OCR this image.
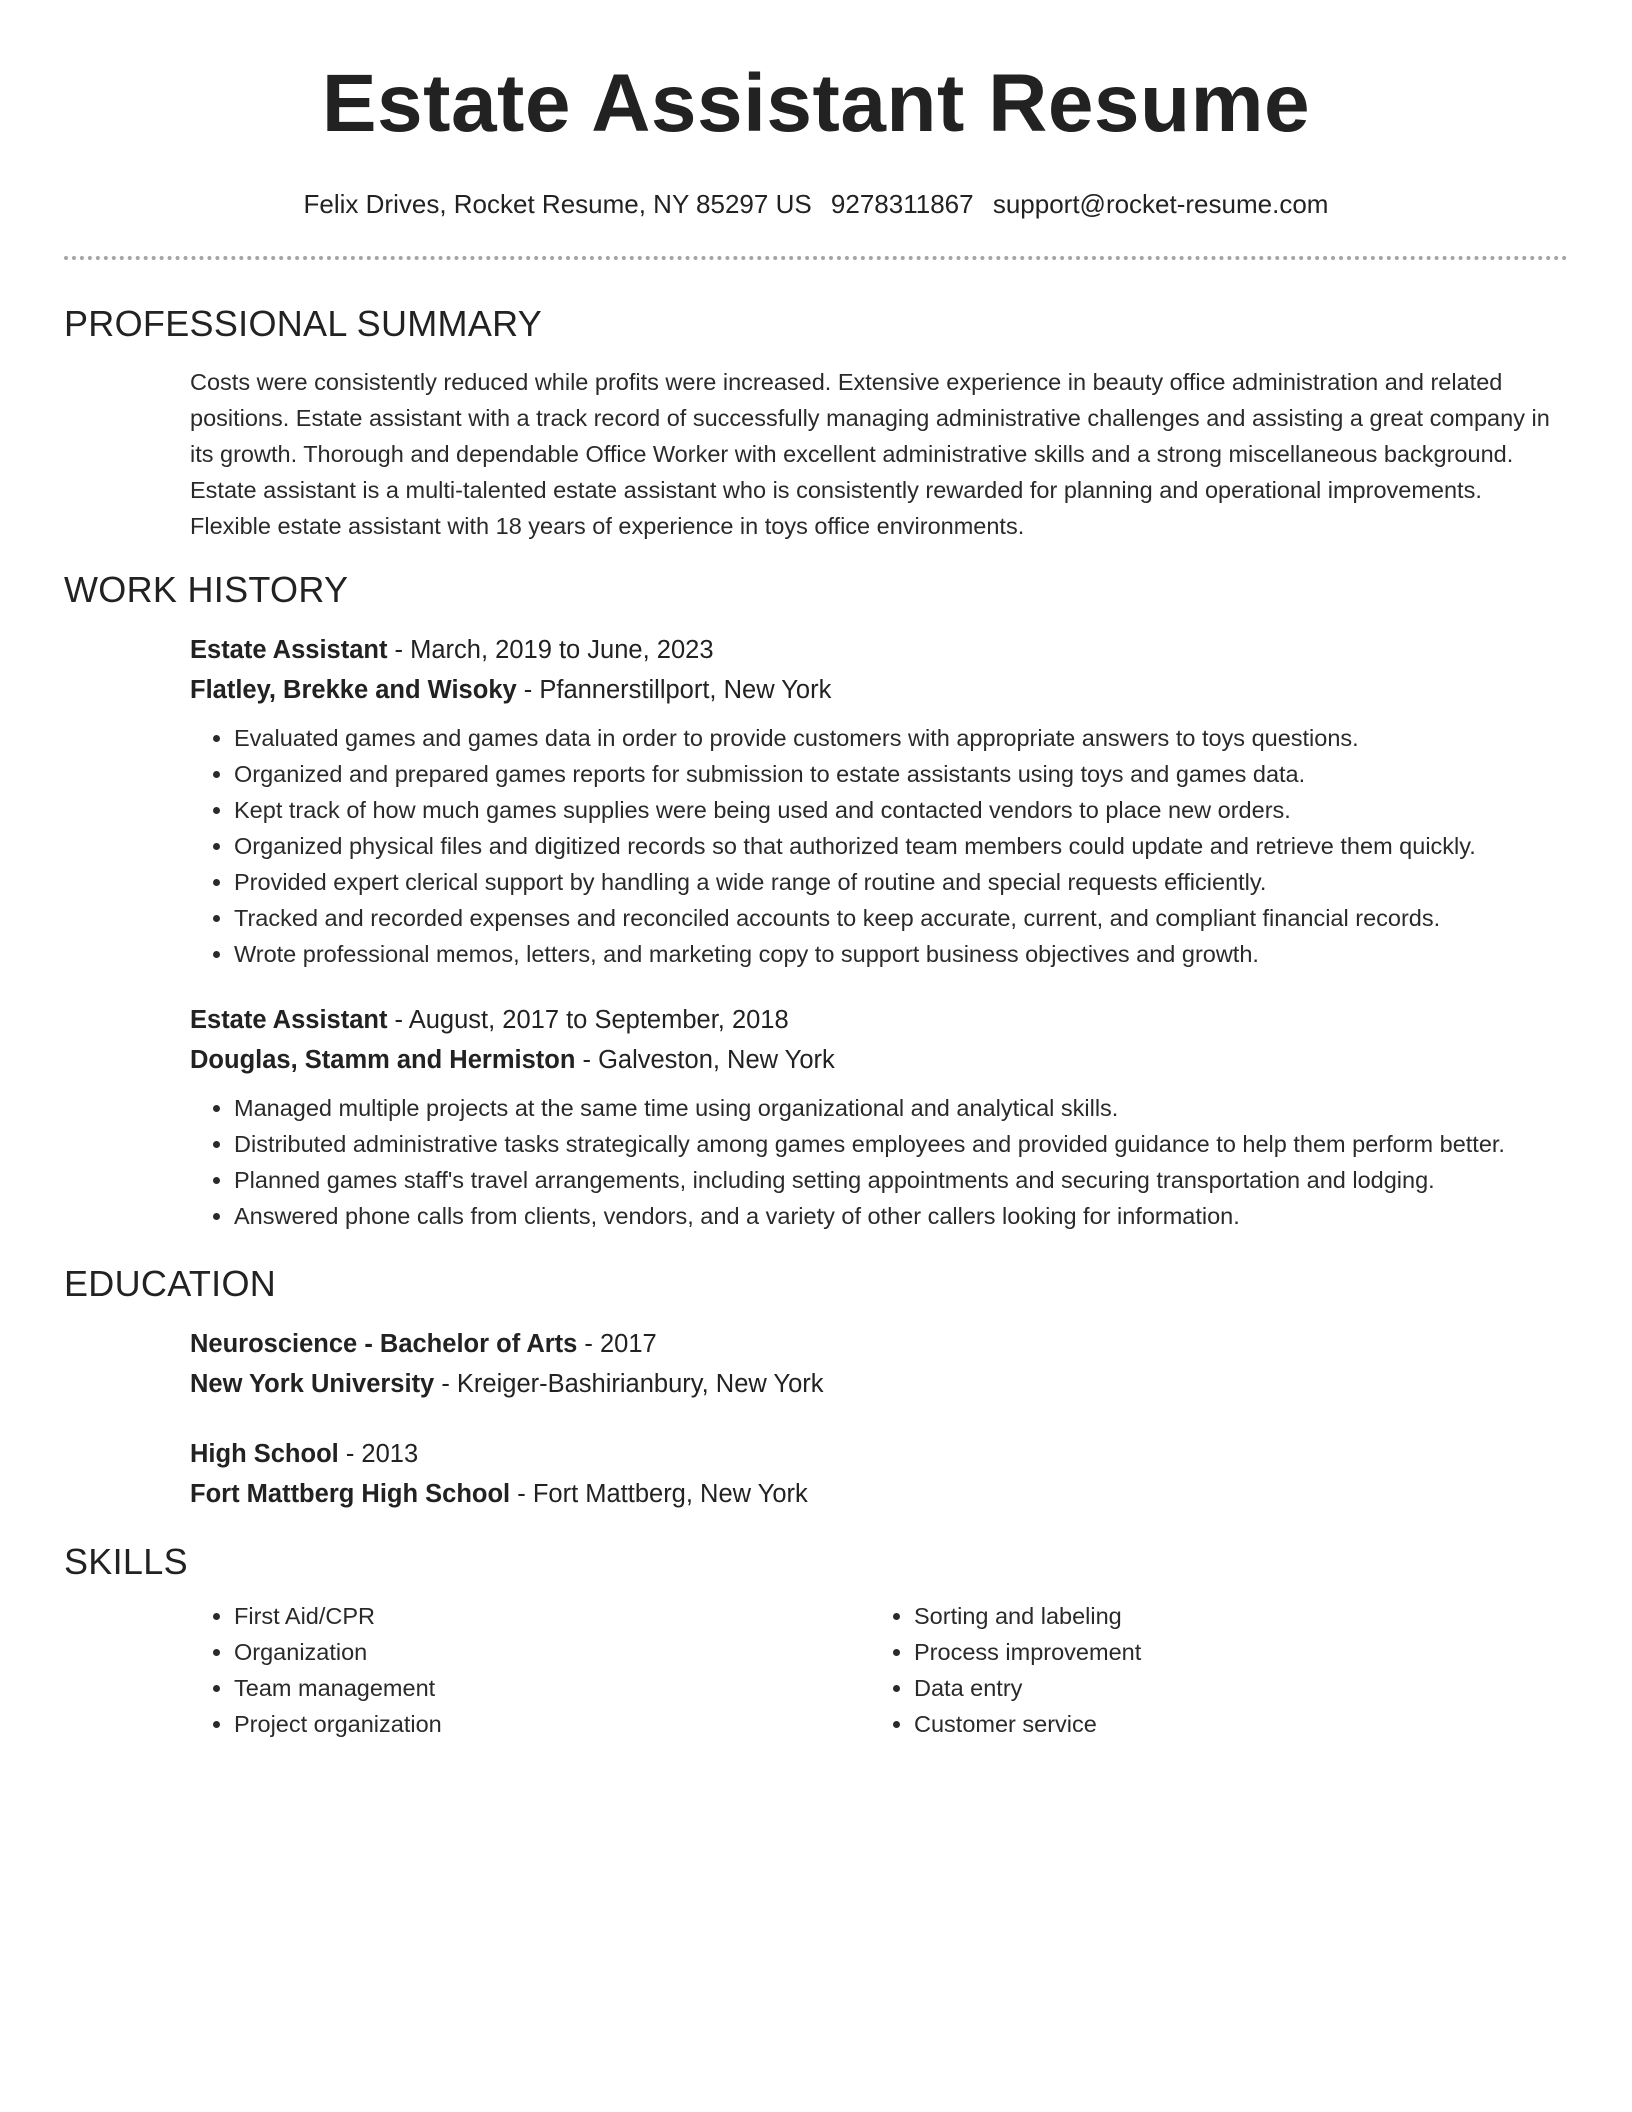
Estate Assistant Resume
Felix Drives, Rocket Resume, NY 85297 US 9278311867 support@rocket-resume.com
PROFESSIONAL SUMMARY

Costs were consistently reduced while profits were increased. Extensive experience in beauty office administration and related positions. Estate assistant with a track record of successfully managing administrative challenges and assisting a great company in its growth. Thorough and dependable Office Worker with excellent administrative skills and a strong miscellaneous background. Estate assistant is a multi-talented estate assistant who is consistently rewarded for planning and operational improvements. Flexible estate assistant with 18 years of experience in toys office environments.

WORK HISTORY
Estate Assistant - March, 2019 to June, 2023
Flatley, Brekke and Wisoky - Pfannerstillport, New York
• Evaluated games and games data in order to provide customers with appropriate answers to toys questions.
• Organized and prepared games reports for submission to estate assistants using toys and games data.
• Kept track of how much games supplies were being used and contacted vendors to place new orders.
• Organized physical files and digitized records so that authorized team members could update and retrieve them quickly.
• Provided expert clerical support by handling a wide range of routine and special requests efficiently.
• Tracked and recorded expenses and reconciled accounts to keep accurate, current, and compliant financial records.
• Wrote professional memos, letters, and marketing copy to support business objectives and growth.
Estate Assistant - August, 2017 to September, 2018
Douglas, Stamm and Hermiston - Galveston, New York
• Managed multiple projects at the same time using organizational and analytical skills.
• Distributed administrative tasks strategically among games employees and provided guidance to help them perform better.
• Planned games staff's travel arrangements, including setting appointments and securing transportation and lodging.
• Answered phone calls from clients, vendors, and a variety of other callers looking for information.
EDUCATION
Neuroscience - Bachelor of Arts - 2017
New York University - Kreiger-Bashirianbury, New York
High School - 2013
Fort Mattberg High School - Fort Mattberg, New York
SKILLS
• First Aid/CPR
• Organization
• Team management
• Project organization
• Sorting and labeling
• Process improvement
• Data entry
• Customer service
